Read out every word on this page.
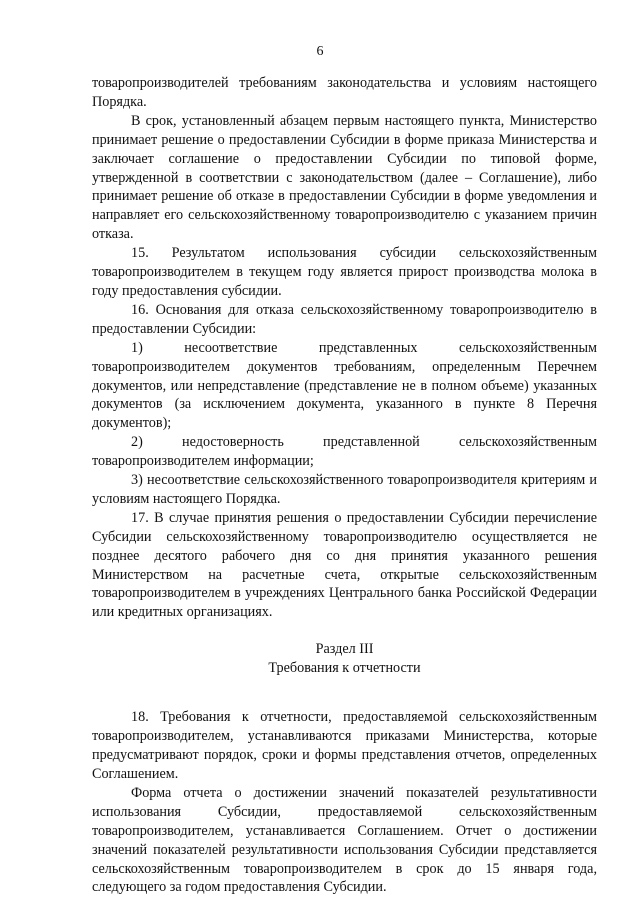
6

товаропроизводителей требованиям законодательства и условиям настоящего Порядка.

В срок, установленный абзацем первым настоящего пункта, Министерство принимает решение о предоставлении Субсидии в форме приказа Министерства и заключает соглашение о предоставлении Субсидии по типовой форме, утвержденной в соответствии с законодательством (далее – Соглашение), либо принимает решение об отказе в предоставлении Субсидии в форме уведомления и направляет его сельскохозяйственному товаропроизводителю с указанием причин отказа.

15. Результатом использования субсидии сельскохозяйственным товаропроизводителем в текущем году является прирост производства молока в году предоставления субсидии.

16. Основания для отказа сельскохозяйственному товаропроизводителю в предоставлении Субсидии:

1) несоответствие представленных сельскохозяйственным товаропроизводителем документов требованиям, определенным Перечнем документов, или непредставление (представление не в полном объеме) указанных документов (за исключением документа, указанного в пункте 8 Перечня документов);

2) недостоверность представленной сельскохозяйственным товаропроизводителем информации;

3) несоответствие сельскохозяйственного товаропроизводителя критериям и условиям настоящего Порядка.

17. В случае принятия решения о предоставлении Субсидии перечисление Субсидии сельскохозяйственному товаропроизводителю осуществляется не позднее десятого рабочего дня со дня принятия указанного решения Министерством на расчетные счета, открытые сельскохозяйственным товаропроизводителем в учреждениях Центрального банка Российской Федерации или кредитных организациях.

Раздел III

Требования к отчетности

18. Требования к отчетности, предоставляемой сельскохозяйственным товаропроизводителем, устанавливаются приказами Министерства, которые предусматривают порядок, сроки и формы представления отчетов, определенных Соглашением.

Форма отчета о достижении значений показателей результативности использования Субсидии, предоставляемой сельскохозяйственным товаропроизводителем, устанавливается Соглашением. Отчет о достижении значений показателей результативности использования Субсидии представляется сельскохозяйственным товаропроизводителем в срок до 15 января года, следующего за годом предоставления Субсидии.
